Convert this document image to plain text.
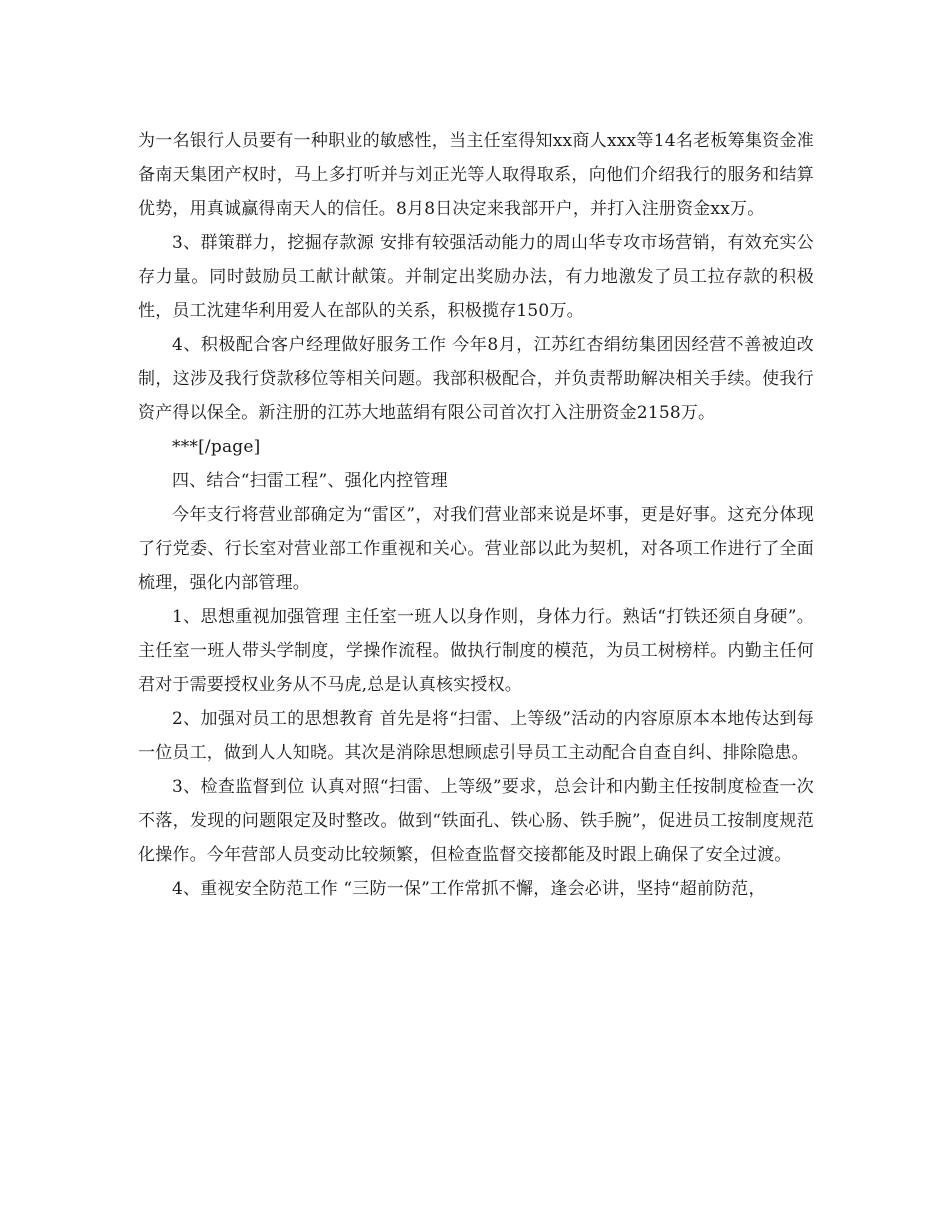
为一名银行人员要有一种职业的敏感性，当主任室得知xx商人xxx等14名老板筹集资金准备南天集团产权时，马上多打听并与刘正光等人取得取系，向他们介绍我行的服务和结算优势，用真诚赢得南天人的信任。8月8日决定来我部开户，并打入注册资金xx万。

3、群策群力，挖掘存款源 安排有较强活动能力的周山华专攻市场营销，有效充实公存力量。同时鼓励员工献计献策。并制定出奖励办法，有力地激发了员工拉存款的积极性，员工沈建华利用爱人在部队的关系，积极揽存150万。

4、积极配合客户经理做好服务工作 今年8月，江苏红杏绢纺集团因经营不善被迫改制，这涉及我行贷款移位等相关问题。我部积极配合，并负责帮助解决相关手续。使我行资产得以保全。新注册的江苏大地蓝绢有限公司首次打入注册资金2158万。

***[/page]

四、结合“扫雷工程”、强化内控管理

今年支行将营业部确定为“雷区”，对我们营业部来说是坏事，更是好事。这充分体现了行党委、行长室对营业部工作重视和关心。营业部以此为契机，对各项工作进行了全面梳理，强化内部管理。

1、思想重视加强管理 主任室一班人以身作则，身体力行。熟话“打铁还须自身硬”。主任室一班人带头学制度，学操作流程。做执行制度的模范，为员工树榜样。内勤主任何君对于需要授权业务从不马虎,总是认真核实授权。

2、加强对员工的思想教育 首先是将“扫雷、上等级”活动的内容原原本本地传达到每一位员工，做到人人知晓。其次是消除思想顾虑引导员工主动配合自查自纠、排除隐患。

3、检查监督到位 认真对照“扫雷、上等级”要求，总会计和内勤主任按制度检查一次不落，发现的问题限定及时整改。做到“铁面孔、铁心肠、铁手腕”，促进员工按制度规范化操作。今年营部人员变动比较频繁，但检查监督交接都能及时跟上确保了安全过渡。

4、重视安全防范工作 “三防一保”工作常抓不懈，逢会必讲，坚持“超前防范，
